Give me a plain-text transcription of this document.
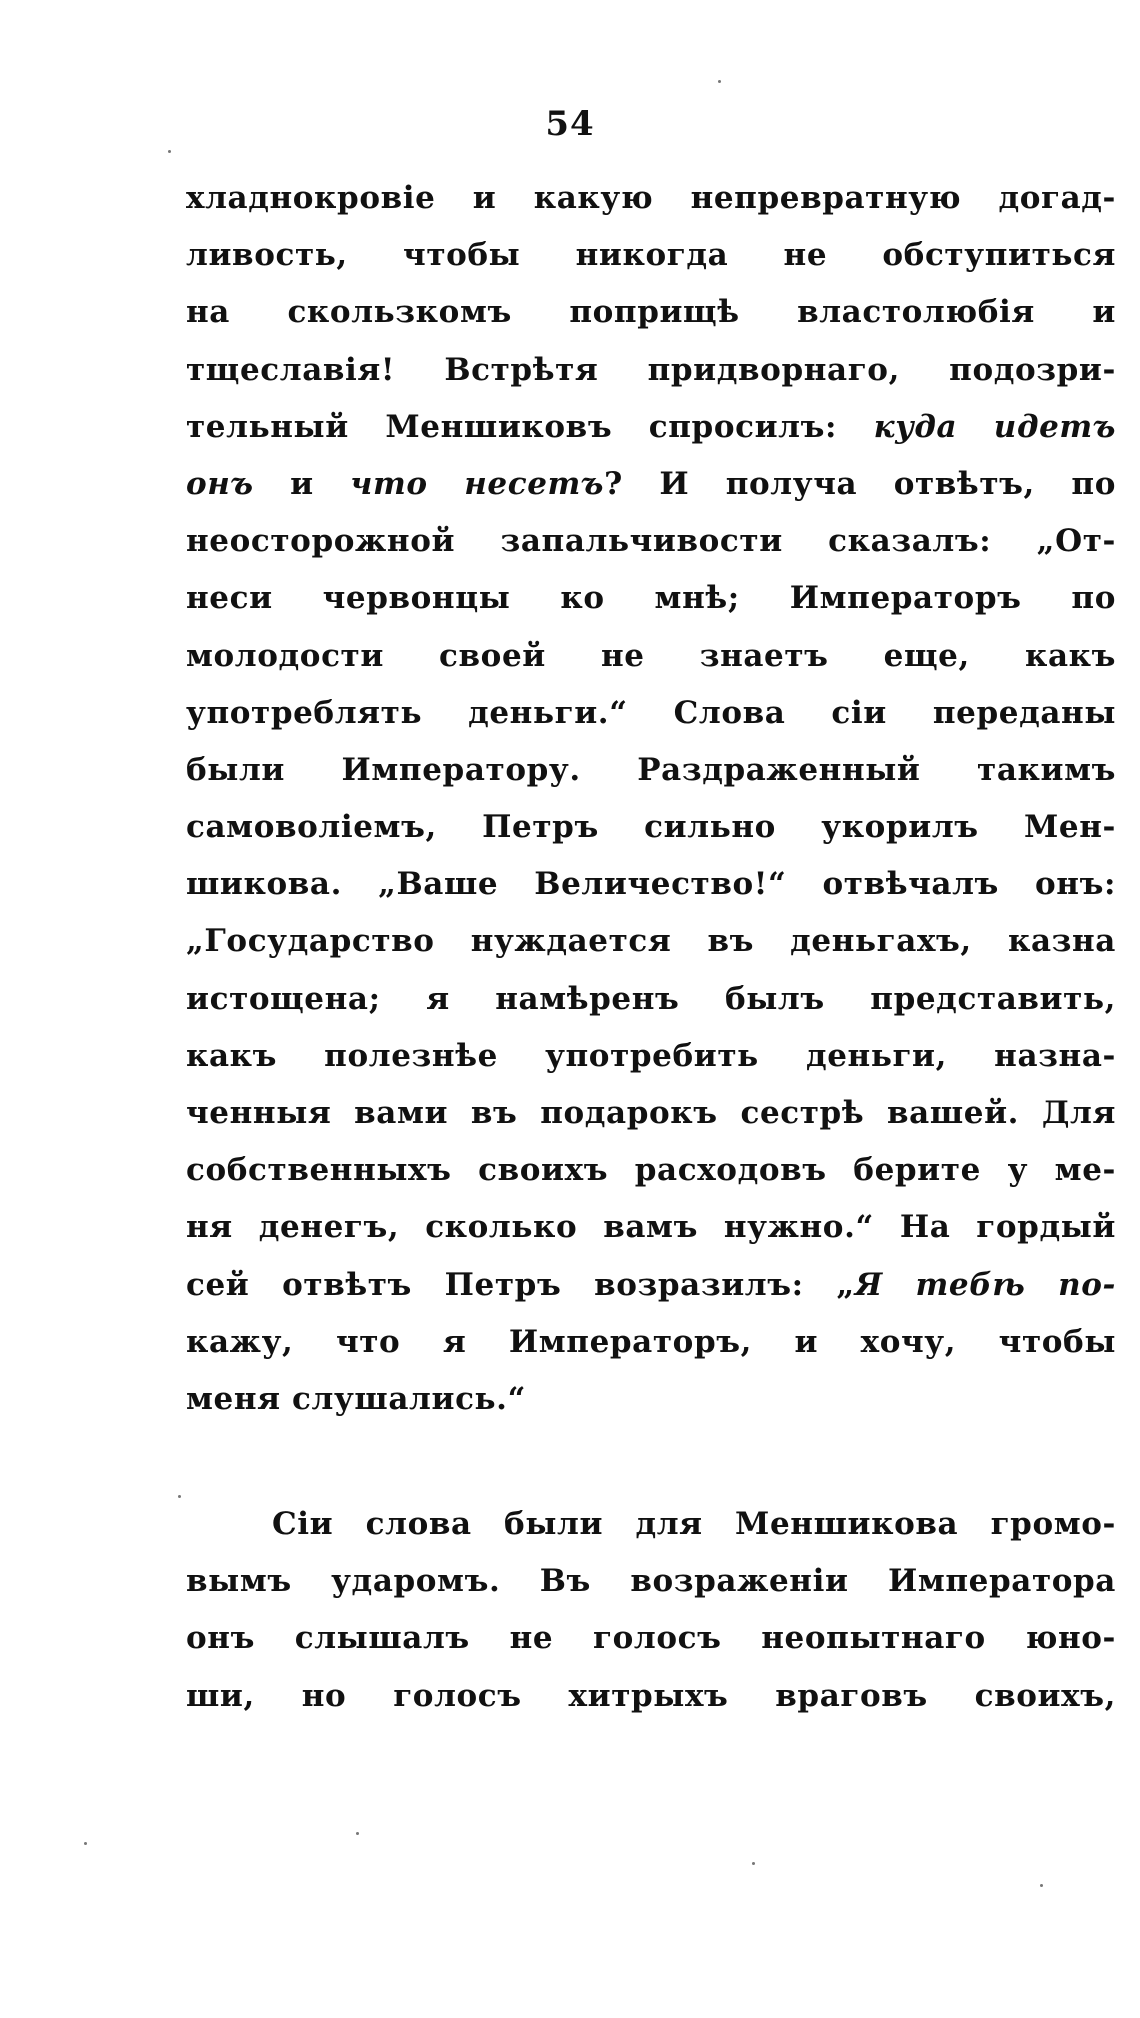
54
хладнокровіе и какую непревратную догад-
ливость, чтобы никогда не обступиться
на скользкомъ поприщѣ властолюбія и
тщеславія! Встрѣтя придворнаго, подозри-
тельный Меншиковъ спросилъ: куда идетъ
онъ и что несетъ? И получа отвѣтъ, по
неосторожной запальчивости сказалъ: „От-
неси червонцы ко мнѣ; Императоръ по
молодости своей не знаетъ еще, какъ
употреблять деньги.“ Слова сіи переданы
были Императору. Раздраженный такимъ
самоволіемъ, Петръ сильно укорилъ Мен-
шикова. „Ваше Величество!“ отвѣчалъ онъ:
„Государство нуждается въ деньгахъ, казна
истощена; я намѣренъ былъ представить,
какъ полезнѣе употребить деньги, назна-
ченныя вами въ подарокъ сестрѣ вашей. Для
собственныхъ своихъ расходовъ берите у ме-
ня денегъ, сколько вамъ нужно.“ На гордый
сей отвѣтъ Петръ возразилъ: „Я тебѣ по-
кажу, что я Императоръ, и хочу, чтобы
меня слушались.“
Сіи слова были для Меншикова громо-
вымъ ударомъ. Въ возраженіи Императора
онъ слышалъ не голосъ неопытнаго юно-
ши, но голосъ хитрыхъ враговъ своихъ,
